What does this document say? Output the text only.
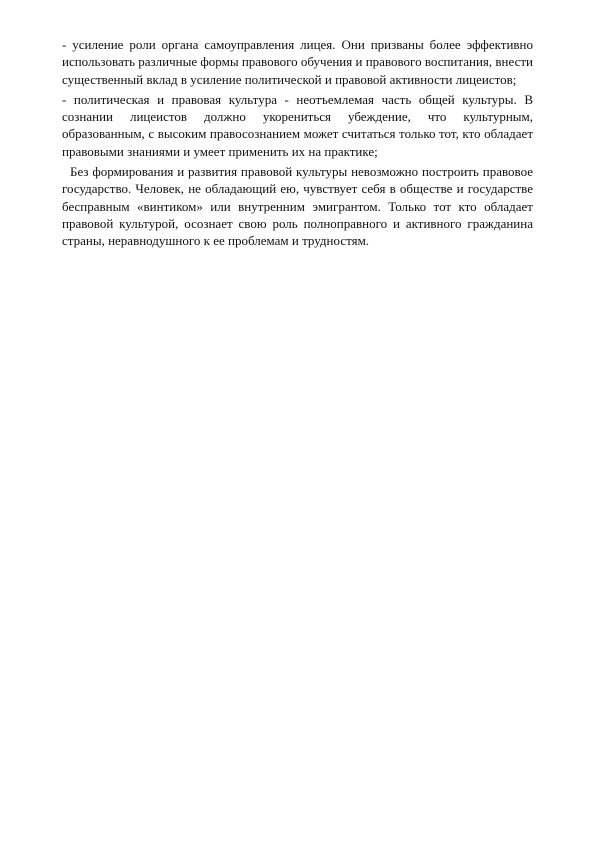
- усиление роли органа самоуправления лицея. Они призваны более эффективно использовать различные формы правового обучения и правового воспитания, внести существенный вклад в усиление политической и правовой активности лицеистов;

- политическая и правовая культура - неотъемлемая часть общей культуры. В сознании лицеистов должно укорениться убеждение, что культурным, образованным, с высоким правосознанием может считаться только тот, кто обладает правовыми знаниями и умеет применить их на практике;

Без формирования и развития правовой культуры невозможно построить правовое государство. Человек, не обладающий ею, чувствует себя в обществе и государстве бесправным «винтиком» или внутренним эмигрантом. Только тот кто обладает правовой культурой, осознает свою роль полноправного и активного гражданина страны, неравнодушного к ее проблемам и трудностям.
